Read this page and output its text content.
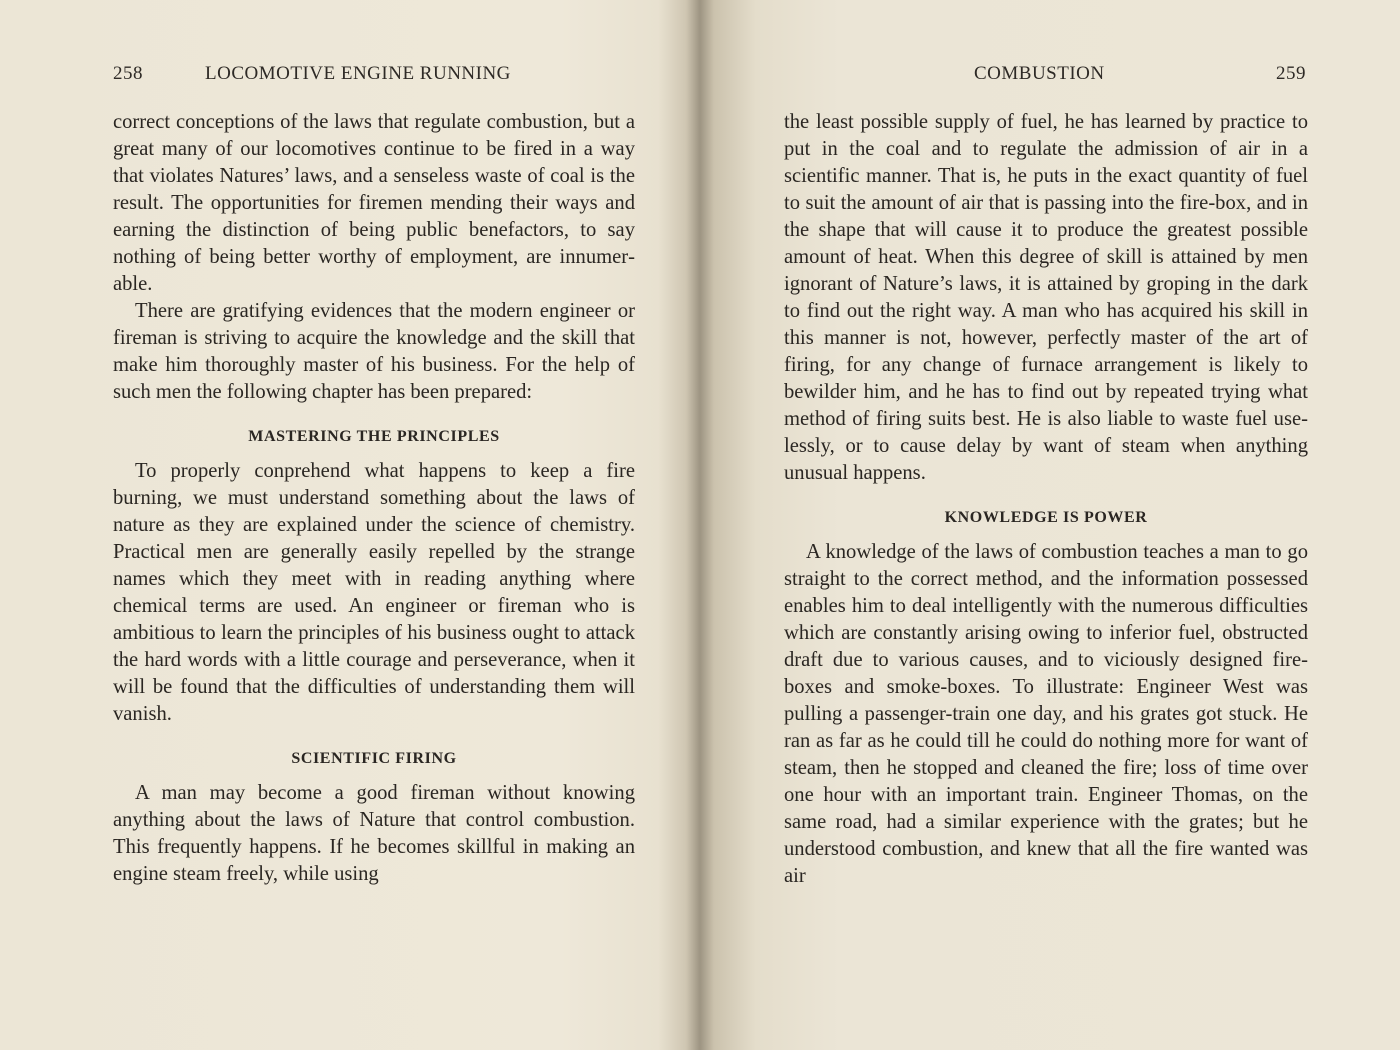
258	LOCOMOTIVE ENGINE RUNNING

correct conceptions of the laws that regulate combustion, but a great many of our locomotives continue to be fired in a way that violates Natures’ laws, and a senseless waste of coal is the result. The opportunities for firemen mending their ways and earning the distinction of being public benefactors, to say nothing of being better worthy of employment, are innumerable.

There are gratifying evidences that the modern engineer or fireman is striving to acquire the knowledge and the skill that make him thoroughly master of his business. For the help of such men the following chapter has been prepared:

MASTERING THE PRINCIPLES

To properly conprehend what happens to keep a fire burning, we must understand something about the laws of nature as they are explained under the science of chemistry. Practical men are generally easily repelled by the strange names which they meet with in reading anything where chemical terms are used. An engineer or fireman who is ambitious to learn the principles of his business ought to attack the hard words with a little courage and perseverance, when it will be found that the difficulties of understanding them will vanish.

SCIENTIFIC FIRING

A man may become a good fireman without knowing anything about the laws of Nature that control combustion. This frequently happens. If he becomes skillful in making an engine steam freely, while using

COMBUSTION	259

the least possible supply of fuel, he has learned by practice to put in the coal and to regulate the admission of air in a scientific manner. That is, he puts in the exact quantity of fuel to suit the amount of air that is passing into the fire-box, and in the shape that will cause it to produce the greatest possible amount of heat. When this degree of skill is attained by men ignorant of Nature’s laws, it is attained by groping in the dark to find out the right way. A man who has acquired his skill in this manner is not, however, perfectly master of the art of firing, for any change of furnace arrangement is likely to bewilder him, and he has to find out by repeated trying what method of firing suits best. He is also liable to waste fuel uselessly, or to cause delay by want of steam when anything unusual happens.

KNOWLEDGE IS POWER

A knowledge of the laws of combustion teaches a man to go straight to the correct method, and the information possessed enables him to deal intelligently with the numerous difficulties which are constantly arising owing to inferior fuel, obstructed draft due to various causes, and to viciously designed fire-boxes and smoke-boxes. To illustrate: Engineer West was pulling a passenger-train one day, and his grates got stuck. He ran as far as he could till he could do nothing more for want of steam, then he stopped and cleaned the fire; loss of time over one hour with an important train. Engineer Thomas, on the same road, had a similar experience with the grates; but he understood combustion, and knew that all the fire wanted was air
